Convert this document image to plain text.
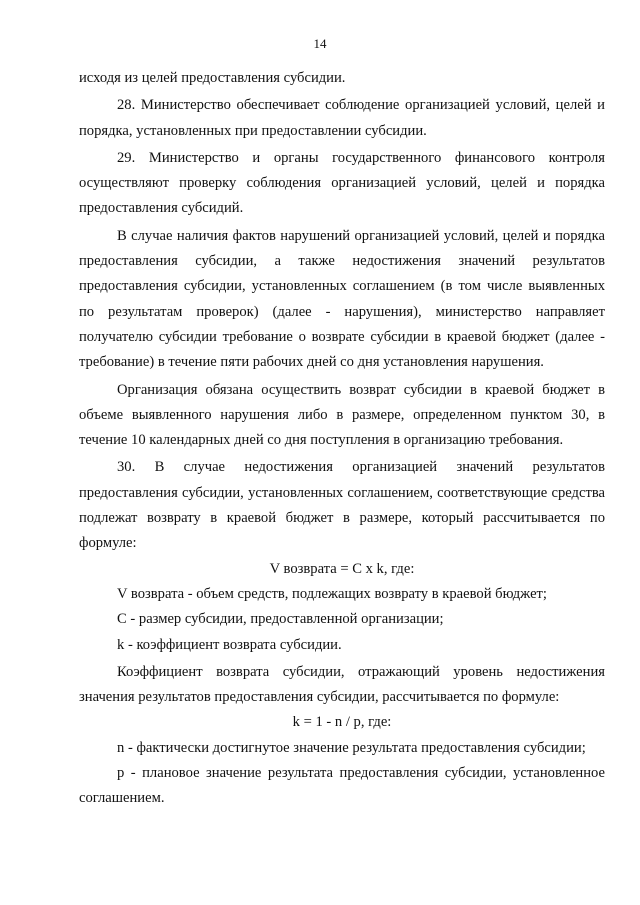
14

исходя из целей предоставления субсидии.

28. Министерство обеспечивает соблюдение организацией условий, целей и порядка, установленных при предоставлении субсидии.

29. Министерство и органы государственного финансового контроля осуществляют проверку соблюдения организацией условий, целей и порядка предоставления субсидий.

В случае наличия фактов нарушений организацией условий, целей и порядка предоставления субсидии, а также недостижения значений результатов предоставления субсидии, установленных соглашением (в том числе выявленных по результатам проверок) (далее - нарушения), министерство направляет получателю субсидии требование о возврате субсидии в краевой бюджет (далее - требование) в течение пяти рабочих дней со дня установления нарушения.

Организация обязана осуществить возврат субсидии в краевой бюджет в объеме выявленного нарушения либо в размере, определенном пунктом 30, в течение 10 календарных дней со дня поступления в организацию требования.

30. В случае недостижения организацией значений результатов предоставления субсидии, установленных соглашением, соответствующие средства подлежат возврату в краевой бюджет в размере, который рассчитывается по формуле:

V возврата = C x k, где:

V возврата - объем средств, подлежащих возврату в краевой бюджет;

C - размер субсидии, предоставленной организации;

k - коэффициент возврата субсидии.

Коэффициент возврата субсидии, отражающий уровень недостижения значения результатов предоставления субсидии, рассчитывается по формуле:

k = 1 - n / p, где:

n - фактически достигнутое значение результата предоставления субсидии;

p - плановое значение результата предоставления субсидии, установленное соглашением.
